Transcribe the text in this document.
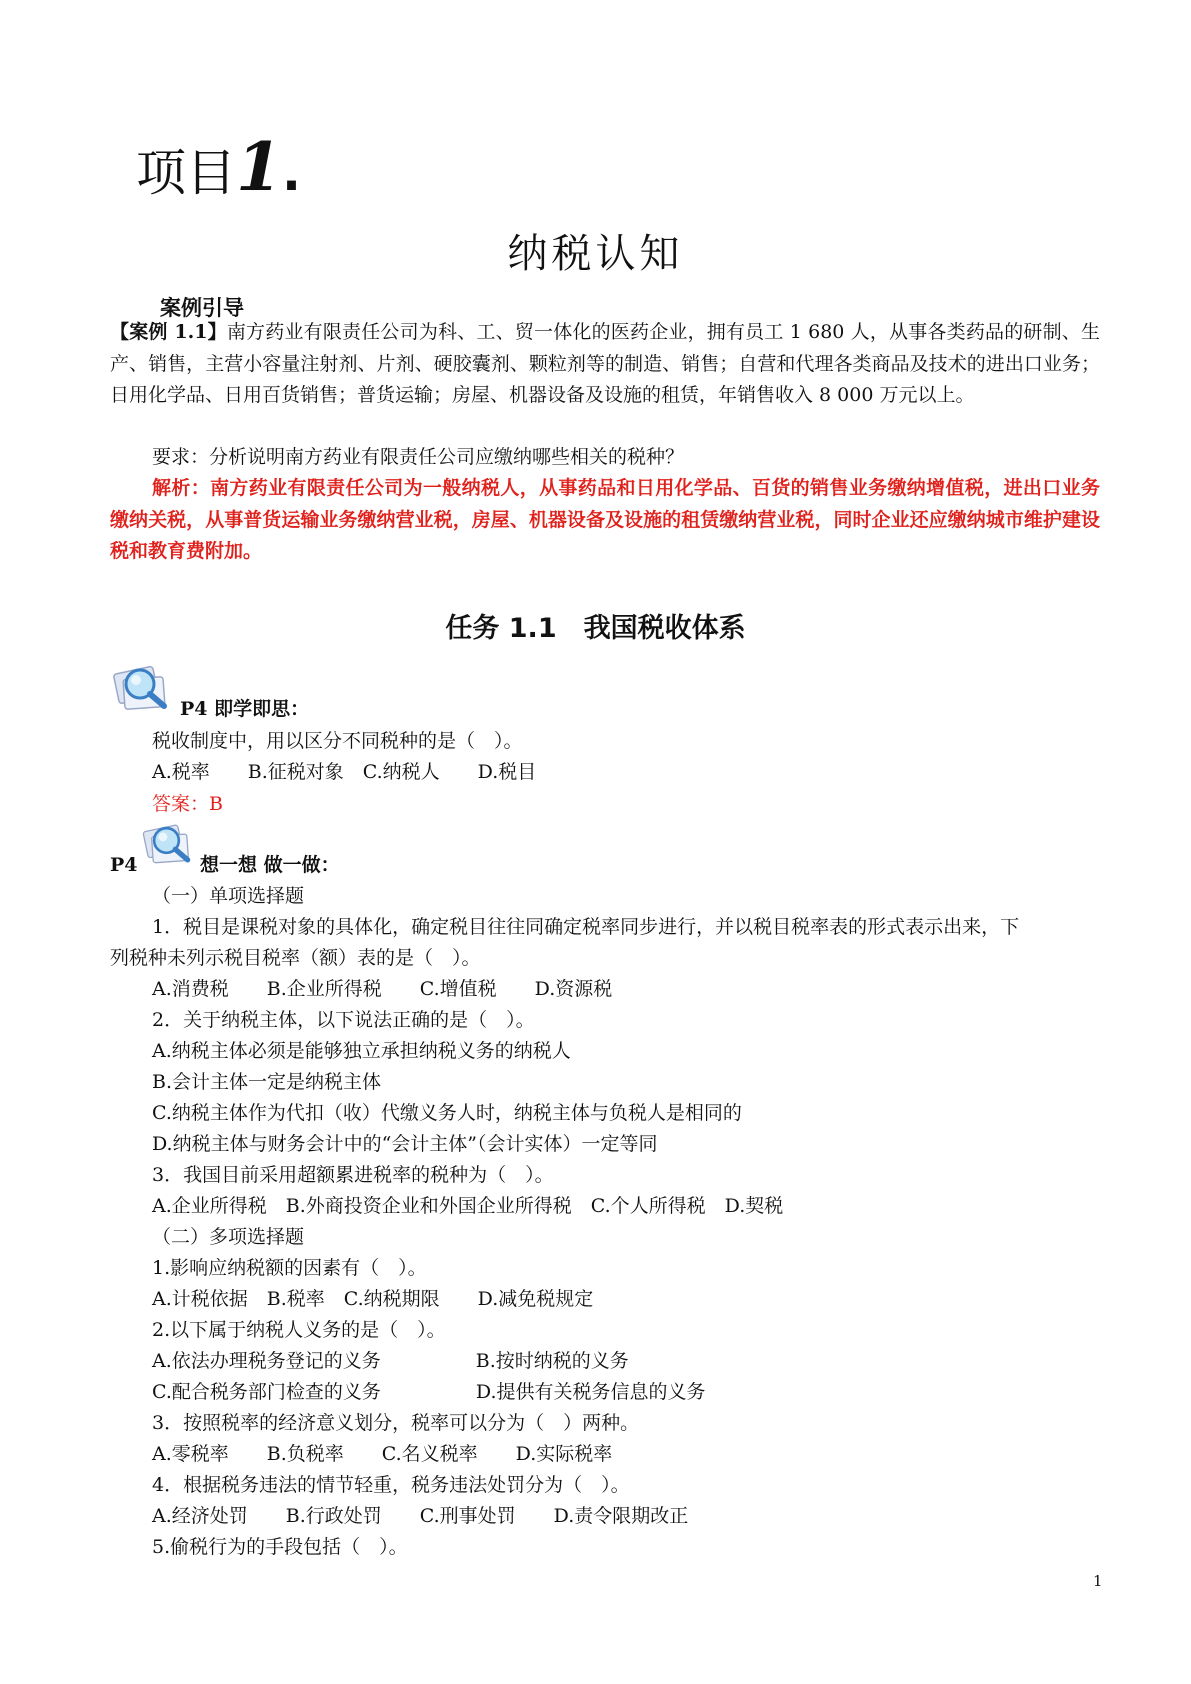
项目1.
纳税认知
案例引导
【案例 1.1】南方药业有限责任公司为科、工、贸一体化的医药企业，拥有员工 1 680 人，从事各类药品的研制、生产、销售，主营小容量注射剂、片剂、硬胶囊剂、颗粒剂等的制造、销售；自营和代理各类商品及技术的进出口业务；日用化学品、日用百货销售；普货运输；房屋、机器设备及设施的租赁，年销售收入 8 000 万元以上。
要求：分析说明南方药业有限责任公司应缴纳哪些相关的税种？
解析：南方药业有限责任公司为一般纳税人，从事药品和日用化学品、百货的销售业务缴纳增值税，进出口业务缴纳关税，从事普货运输业务缴纳营业税，房屋、机器设备及设施的租赁缴纳营业税，同时企业还应缴纳城市维护建设税和教育费附加。
任务 1.1　我国税收体系
P4 即学即思：
税收制度中，用以区分不同税种的是（　）。
A.税率　　B.征税对象　C.纳税人　　D.税目
答案：B
P4	想一想 做一做：
（一）单项选择题
1．税目是课税对象的具体化，确定税目往往同确定税率同步进行，并以税目税率表的形式表示出来，下
列税种未列示税目税率（额）表的是（　）。
A.消费税　　B.企业所得税　　C.增值税　　D.资源税
2．关于纳税主体，以下说法正确的是（　）。
A.纳税主体必须是能够独立承担纳税义务的纳税人
B.会计主体一定是纳税主体
C.纳税主体作为代扣（收）代缴义务人时，纳税主体与负税人是相同的
D.纳税主体与财务会计中的“会计主体”（会计实体）一定等同
3．我国目前采用超额累进税率的税种为（　）。
A.企业所得税　B.外商投资企业和外国企业所得税　C.个人所得税　D.契税
（二）多项选择题
1.影响应纳税额的因素有（　）。
A.计税依据　B.税率　C.纳税期限　　D.减免税规定
2.以下属于纳税人义务的是（　）。
A.依法办理税务登记的义务　　　　　B.按时纳税的义务
C.配合税务部门检查的义务　　　　　D.提供有关税务信息的义务
3．按照税率的经济意义划分，税率可以分为（　）两种。
A.零税率　　B.负税率　　C.名义税率　　D.实际税率
4．根据税务违法的情节轻重，税务违法处罚分为（　）。
A.经济处罚　　B.行政处罚　　C.刑事处罚　　D.责令限期改正
5.偷税行为的手段包括（　）。
1
